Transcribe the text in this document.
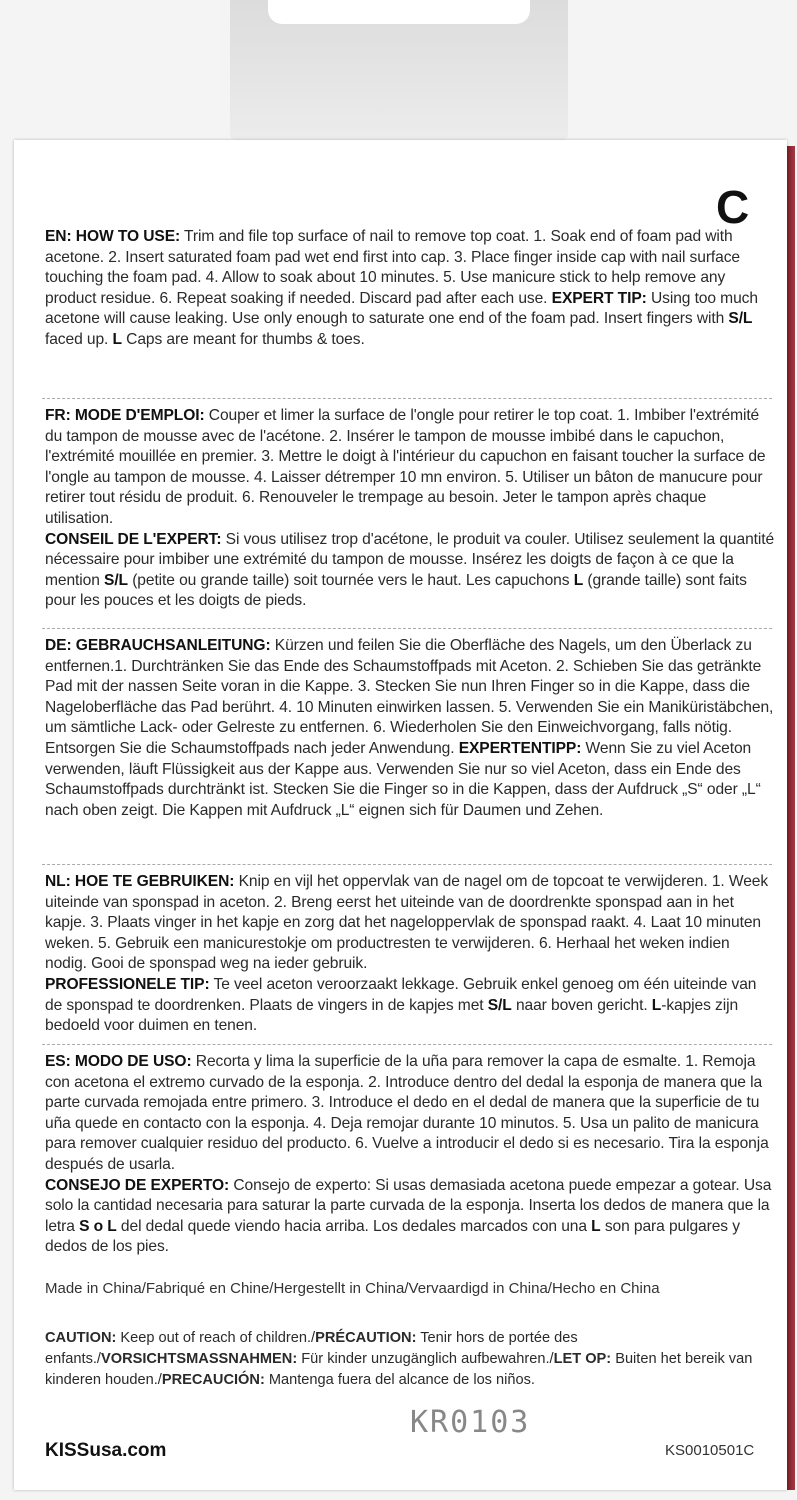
C
EN: HOW TO USE: Trim and file top surface of nail to remove top coat. 1. Soak end of foam pad with acetone. 2. Insert saturated foam pad wet end first into cap. 3. Place finger inside cap with nail surface touching the foam pad. 4. Allow to soak about 10 minutes. 5. Use manicure stick to help remove any product residue. 6. Repeat soaking if needed. Discard pad after each use. EXPERT TIP: Using too much acetone will cause leaking. Use only enough to saturate one end of the foam pad. Insert fingers with S/L faced up. L Caps are meant for thumbs & toes.
FR: MODE D'EMPLOI: Couper et limer la surface de l'ongle pour retirer le top coat. 1. Imbiber l'extrémité du tampon de mousse avec de l'acétone. 2. Insérer le tampon de mousse imbibé dans le capuchon, l'extrémité mouillée en premier. 3. Mettre le doigt à l'intérieur du capuchon en faisant toucher la surface de l'ongle au tampon de mousse. 4. Laisser détremper 10 mn environ. 5. Utiliser un bâton de manucure pour retirer tout résidu de produit. 6. Renouveler le trempage au besoin. Jeter le tampon après chaque utilisation.
CONSEIL DE L'EXPERT: Si vous utilisez trop d'acétone, le produit va couler. Utilisez seulement la quantité nécessaire pour imbiber une extrémité du tampon de mousse. Insérez les doigts de façon à ce que la mention S/L (petite ou grande taille) soit tournée vers le haut. Les capuchons L (grande taille) sont faits pour les pouces et les doigts de pieds.
DE: GEBRAUCHSANLEITUNG: Kürzen und feilen Sie die Oberfläche des Nagels, um den Überlack zu entfernen.1. Durchtränken Sie das Ende des Schaumstoffpads mit Aceton. 2. Schieben Sie das getränkte Pad mit der nassen Seite voran in die Kappe. 3. Stecken Sie nun Ihren Finger so in die Kappe, dass die Nageloberfläche das Pad berührt. 4. 10 Minuten einwirken lassen. 5. Verwenden Sie ein Maniküristäbchen, um sämtliche Lack- oder Gelreste zu entfernen. 6. Wiederholen Sie den Einweichvorgang, falls nötig. Entsorgen Sie die Schaumstoffpads nach jeder Anwendung. EXPERTENTIPP: Wenn Sie zu viel Aceton verwenden, läuft Flüssigkeit aus der Kappe aus. Verwenden Sie nur so viel Aceton, dass ein Ende des Schaumstoffpads durchtränkt ist. Stecken Sie die Finger so in die Kappen, dass der Aufdruck „S“ oder „L“ nach oben zeigt. Die Kappen mit Aufdruck „L“ eignen sich für Daumen und Zehen.
NL: HOE TE GEBRUIKEN: Knip en vijl het oppervlak van de nagel om de topcoat te verwijderen. 1. Week uiteinde van sponspad in aceton. 2. Breng eerst het uiteinde van de doordrenkte sponspad aan in het kapje. 3. Plaats vinger in het kapje en zorg dat het nageloppervlak de sponspad raakt. 4. Laat 10 minuten weken. 5. Gebruik een manicurestokje om productresten te verwijderen. 6. Herhaal het weken indien nodig. Gooi de sponspad weg na ieder gebruik.
PROFESSIONELE TIP: Te veel aceton veroorzaakt lekkage. Gebruik enkel genoeg om één uiteinde van de sponspad te doordrenken. Plaats de vingers in de kapjes met S/L naar boven gericht. L-kapjes zijn bedoeld voor duimen en tenen.
ES: MODO DE USO: Recorta y lima la superficie de la uña para remover la capa de esmalte. 1. Remoja con acetona el extremo curvado de la esponja. 2. Introduce dentro del dedal la esponja de manera que la parte curvada remojada entre primero. 3. Introduce el dedo en el dedal de manera que la superficie de tu uña quede en contacto con la esponja. 4. Deja remojar durante 10 minutos. 5. Usa un palito de manicura para remover cualquier residuo del producto. 6. Vuelve a introducir el dedo si es necesario. Tira la esponja después de usarla.
CONSEJO DE EXPERTO: Consejo de experto: Si usas demasiada acetona puede empezar a gotear. Usa solo la cantidad necesaria para saturar la parte curvada de la esponja. Inserta los dedos de manera que la letra S o L del dedal quede viendo hacia arriba. Los dedales marcados con una L son para pulgares y dedos de los pies.
Made in China/Fabriqué en Chine/Hergestellt in China/Vervaardigd in China/Hecho en China
CAUTION: Keep out of reach of children./PRÉCAUTION: Tenir hors de portée des enfants./VORSICHTSMASSNAHMEN: Für kinder unzugänglich aufbewahren./LET OP: Buiten het bereik van kinderen houden./PRECAUCIÓN: Mantenga fuera del alcance de los niños.
KR0103
KISSusa.com	KS0010501C
